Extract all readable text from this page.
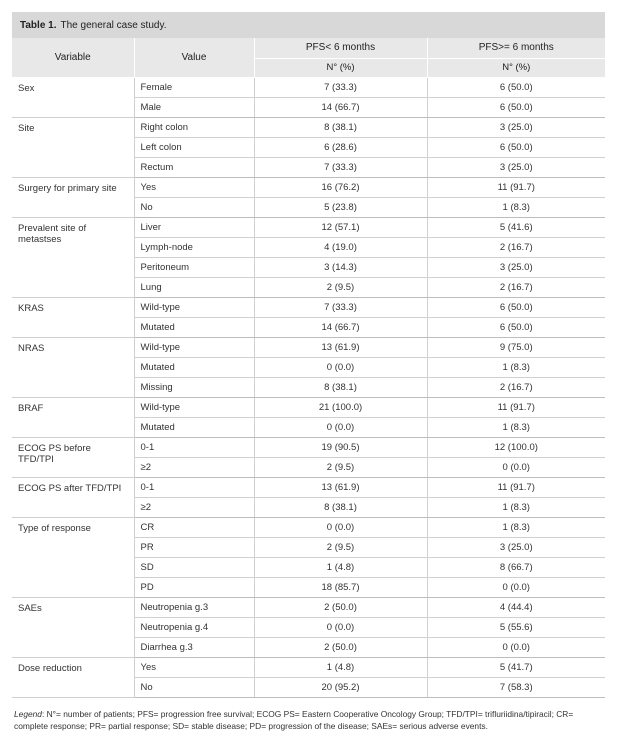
Table 1. The general case study.
Variable	Value	PFS< 6 months	PFS>= 6 months
		N° (%)	N° (%)
Sex	Female	7 (33.3)	6 (50.0)
	Male	14 (66.7)	6 (50.0)
Site	Right colon	8 (38.1)	3 (25.0)
	Left colon	6 (28.6)	6 (50.0)
	Rectum	7 (33.3)	3 (25.0)
Surgery for primary site	Yes	16 (76.2)	11 (91.7)
	No	5 (23.8)	1 (8.3)
Prevalent site of metastses	Liver	12 (57.1)	5 (41.6)
	Lymph-node	4 (19.0)	2 (16.7)
	Peritoneum	3 (14.3)	3 (25.0)
	Lung	2 (9.5)	2 (16.7)
KRAS	Wild-type	7 (33.3)	6 (50.0)
	Mutated	14 (66.7)	6 (50.0)
NRAS	Wild-type	13 (61.9)	9 (75.0)
	Mutated	0 (0.0)	1 (8.3)
	Missing	8 (38.1)	2 (16.7)
BRAF	Wild-type	21 (100.0)	11 (91.7)
	Mutated	0 (0.0)	1 (8.3)
ECOG PS before TFD/TPI	0-1	19 (90.5)	12 (100.0)
	≥2	2 (9.5)	0 (0.0)
ECOG PS after TFD/TPI	0-1	13 (61.9)	11 (91.7)
	≥2	8 (38.1)	1 (8.3)
Type of response	CR	0 (0.0)	1 (8.3)
	PR	2 (9.5)	3 (25.0)
	SD	1 (4.8)	8 (66.7)
	PD	18 (85.7)	0 (0.0)
SAEs	Neutropenia g.3	2 (50.0)	4 (44.4)
	Neutropenia g.4	0 (0.0)	5 (55.6)
	Diarrhea g.3	2 (50.0)	0 (0.0)
Dose reduction	Yes	1 (4.8)	5 (41.7)
	No	20 (95.2)	7 (58.3)
Legend: N°= number of patients; PFS= progression free survival; ECOG PS= Eastern Cooperative Oncology Group; TFD/TPI= trifluriidina/tipiracil; CR= complete response; PR= partial response; SD= stable disease; PD= progression of the disease; SAEs= serious adverse events.
